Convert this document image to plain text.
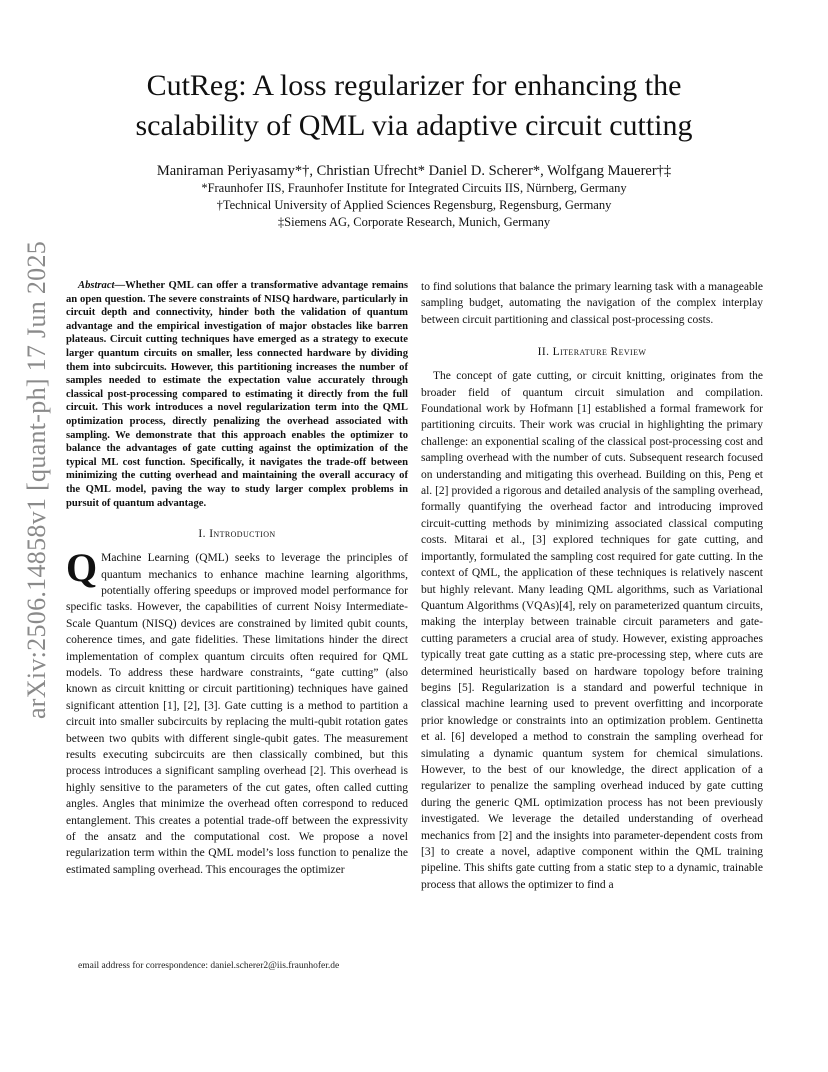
arXiv:2506.14858v1 [quant-ph] 17 Jun 2025
CutReg: A loss regularizer for enhancing the
scalability of QML via adaptive circuit cutting
Maniraman Periyasamy*†, Christian Ufrecht* Daniel D. Scherer*, Wolfgang Mauerer†‡
*Fraunhofer IIS, Fraunhofer Institute for Integrated Circuits IIS, Nürnberg, Germany
†Technical University of Applied Sciences Regensburg, Regensburg, Germany
‡Siemens AG, Corporate Research, Munich, Germany

Abstract—Whether QML can offer a transformative advantage remains an open question. The severe constraints of NISQ hardware, particularly in circuit depth and connectivity, hinder both the validation of quantum advantage and the empirical investigation of major obstacles like barren plateaus. Circuit cutting techniques have emerged as a strategy to execute larger quantum circuits on smaller, less connected hardware by dividing them into subcircuits. However, this partitioning increases the number of samples needed to estimate the expectation value accurately through classical post-processing compared to estimating it directly from the full circuit. This work introduces a novel regularization term into the QML optimization process, directly penalizing the overhead associated with sampling. We demonstrate that this approach enables the optimizer to balance the advantages of gate cutting against the optimization of the typical ML cost function. Specifically, it navigates the trade-off between minimizing the cutting overhead and maintaining the overall accuracy of the QML model, paving the way to study larger complex problems in pursuit of quantum advantage.

I. Introduction

Q Machine Learning (QML) seeks to leverage the principles of quantum mechanics to enhance machine learning algorithms, potentially offering speedups or improved model performance for specific tasks. However, the capabilities of current Noisy Intermediate-Scale Quantum (NISQ) devices are constrained by limited qubit counts, coherence times, and gate fidelities. These limitations hinder the direct implementation of complex quantum circuits often required for QML models. To address these hardware constraints, “gate cutting” (also known as circuit knitting or circuit partitioning) techniques have gained significant attention [1], [2], [3]. Gate cutting is a method to partition a circuit into smaller subcircuits by replacing the multi-qubit rotation gates between two qubits with different single-qubit gates. The measurement results executing subcircuits are then classically combined, but this process introduces a significant sampling overhead [2]. This overhead is highly sensitive to the parameters of the cut gates, often called cutting angles. Angles that minimize the overhead often correspond to reduced entanglement. This creates a potential trade-off between the expressivity of the ansatz and the computational cost. We propose a novel regularization term within the QML model’s loss function to penalize the estimated sampling overhead. This encourages the optimizer

email address for correspondence: daniel.scherer2@iis.fraunhofer.de

to find solutions that balance the primary learning task with a manageable sampling budget, automating the navigation of the complex interplay between circuit partitioning and classical post-processing costs.

II. Literature Review

The concept of gate cutting, or circuit knitting, originates from the broader field of quantum circuit simulation and compilation. Foundational work by Hofmann [1] established a formal framework for partitioning circuits. Their work was crucial in highlighting the primary challenge: an exponential scaling of the classical post-processing cost and sampling overhead with the number of cuts. Subsequent research focused on understanding and mitigating this overhead. Building on this, Peng et al. [2] provided a rigorous and detailed analysis of the sampling overhead, formally quantifying the overhead factor and introducing improved circuit-cutting methods by minimizing associated classical computing costs. Mitarai et al., [3] explored techniques for gate cutting, and importantly, formulated the sampling cost required for gate cutting. In the context of QML, the application of these techniques is relatively nascent but highly relevant. Many leading QML algorithms, such as Variational Quantum Algorithms (VQAs)[4], rely on parameterized quantum circuits, making the interplay between trainable circuit parameters and gate-cutting parameters a crucial area of study. However, existing approaches typically treat gate cutting as a static pre-processing step, where cuts are determined heuristically based on hardware topology before training begins [5]. Regularization is a standard and powerful technique in classical machine learning used to prevent overfitting and incorporate prior knowledge or constraints into an optimization problem. Gentinetta et al. [6] developed a method to constrain the sampling overhead for simulating a dynamic quantum system for chemical simulations. However, to the best of our knowledge, the direct application of a regularizer to penalize the sampling overhead induced by gate cutting during the generic QML optimization process has not been previously investigated. We leverage the detailed understanding of overhead mechanics from [2] and the insights into parameter-dependent costs from [3] to create a novel, adaptive component within the QML training pipeline. This shifts gate cutting from a static step to a dynamic, trainable process that allows the optimizer to find a
